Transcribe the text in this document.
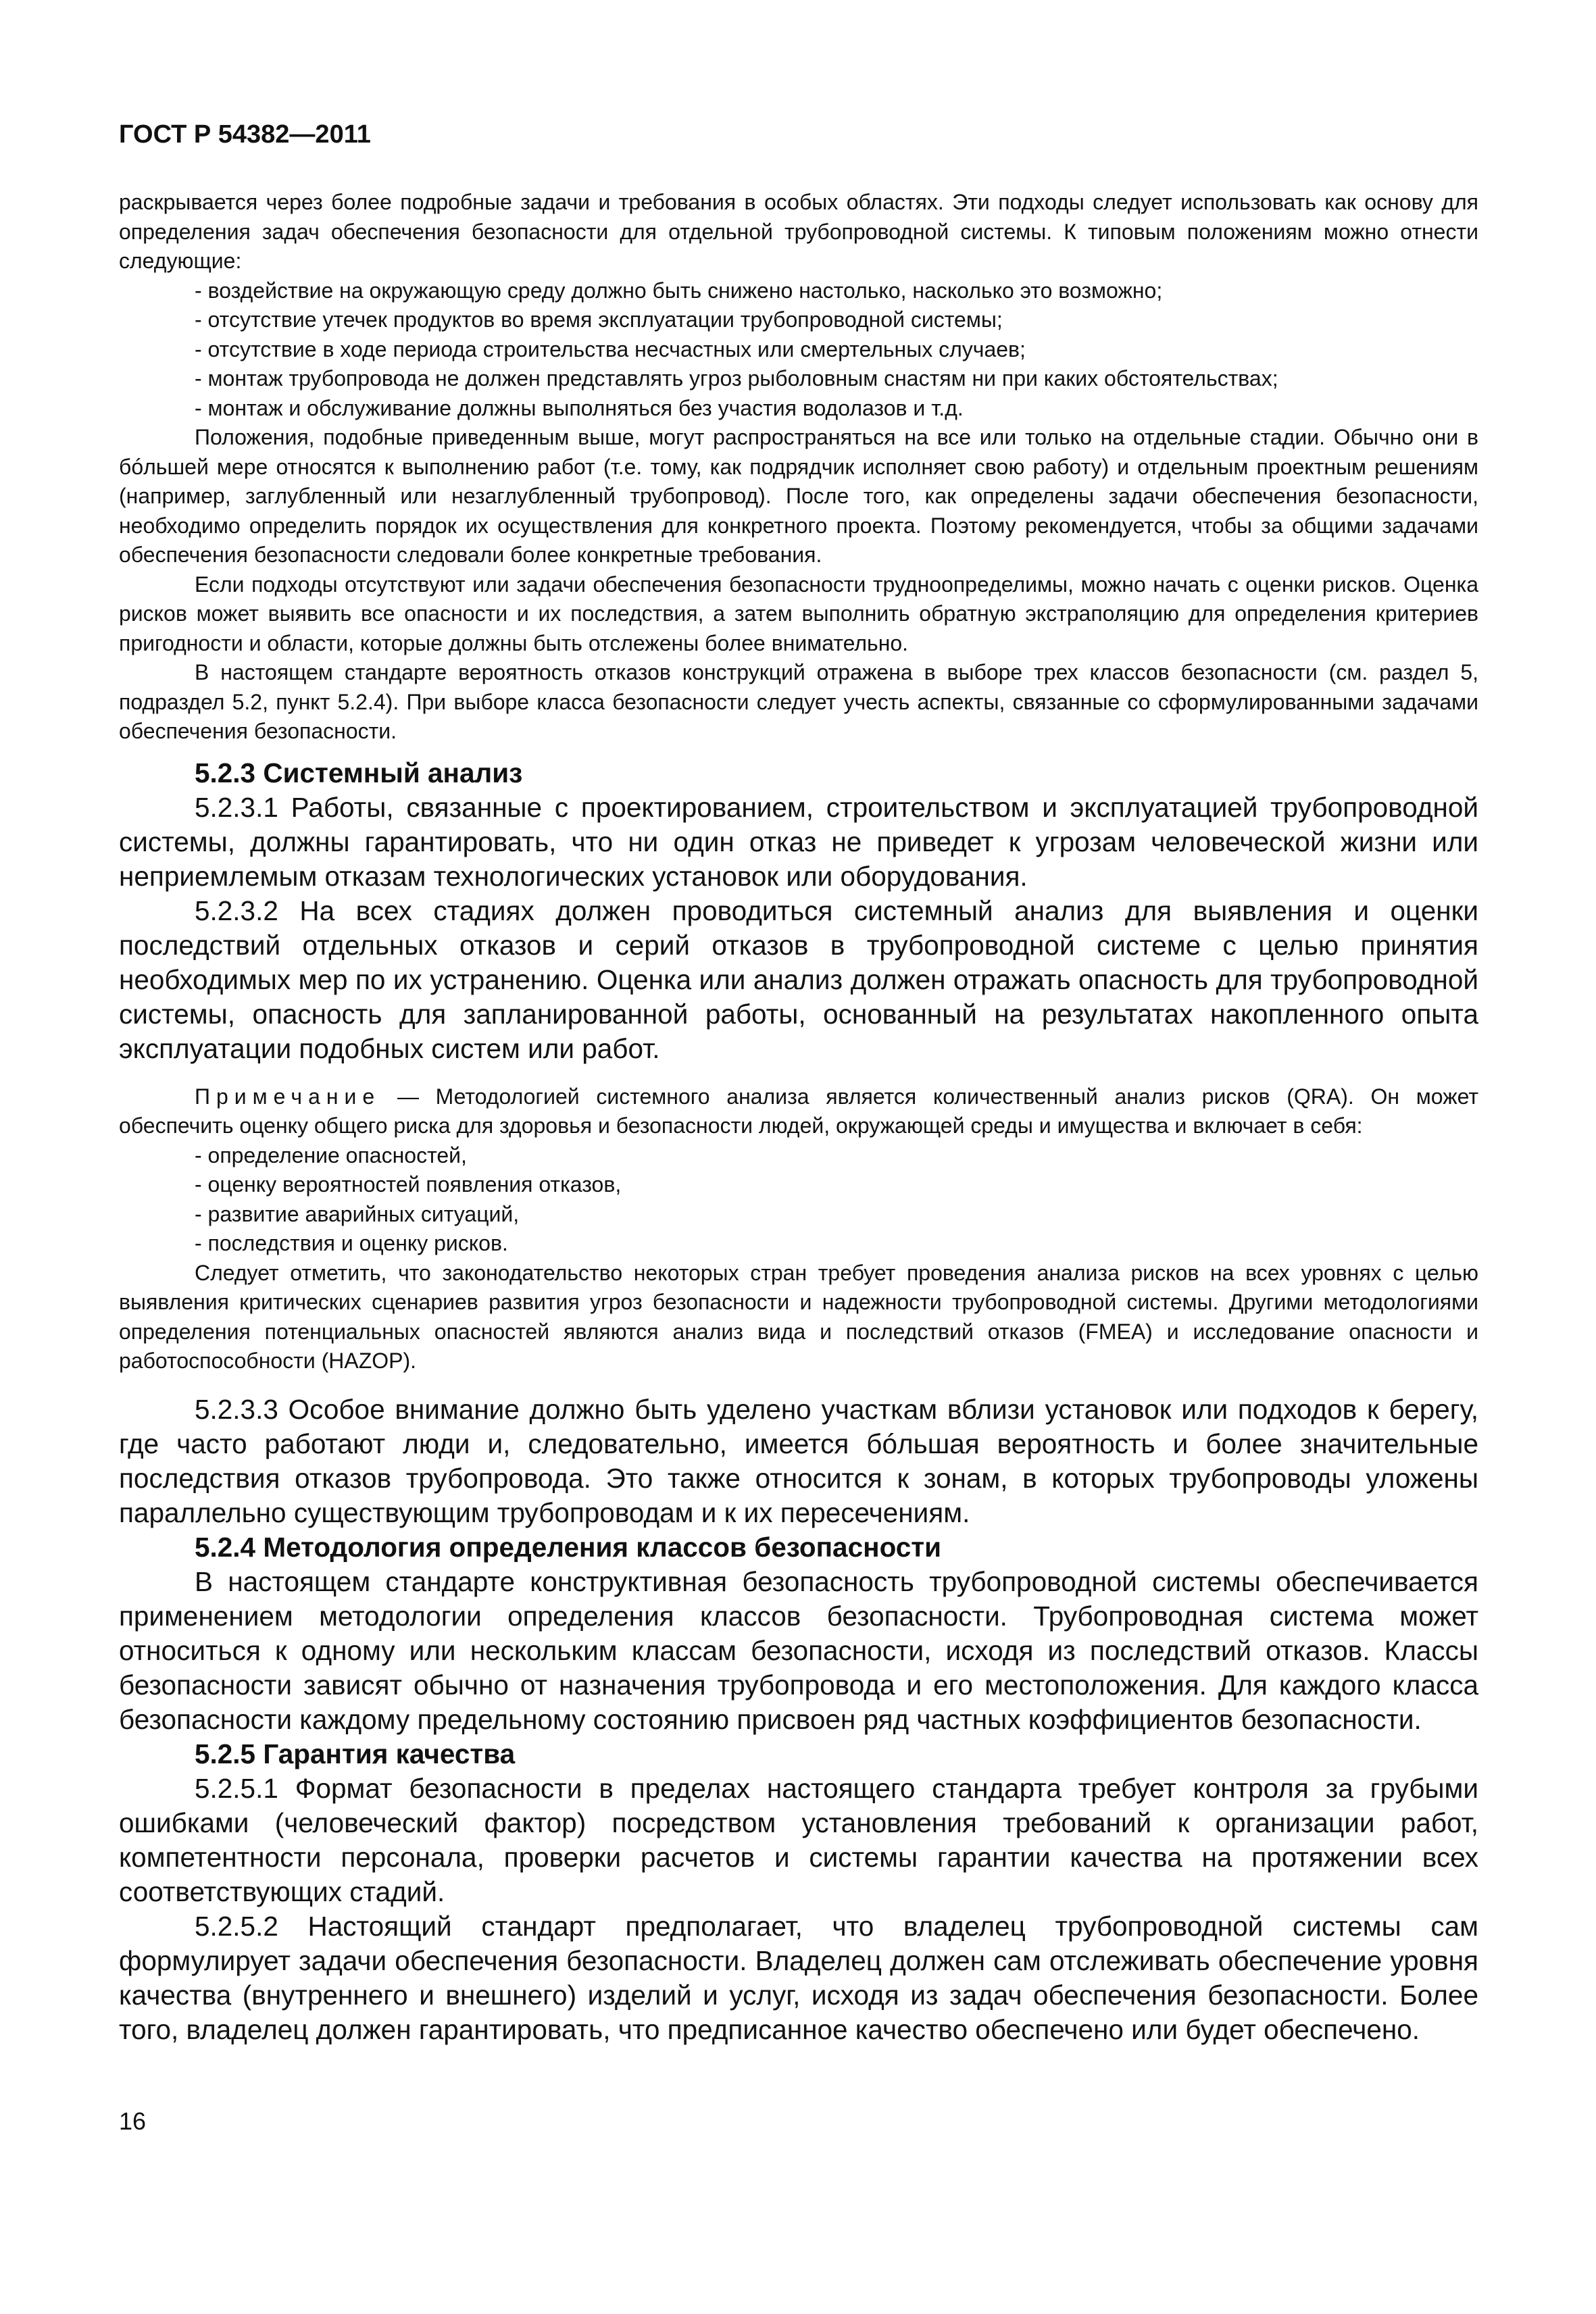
ГОСТ Р 54382—2011

раскрывается через более подробные задачи и требования в особых областях. Эти подходы следует использовать как основу для определения задач обеспечения безопасности для отдельной трубопроводной системы. К типовым положениям можно отнести следующие:

- воздействие на окружающую среду должно быть снижено настолько, насколько это возможно;

- отсутствие утечек продуктов во время эксплуатации трубопроводной системы;

- отсутствие в ходе периода строительства несчастных или смертельных случаев;

- монтаж трубопровода не должен представлять угроз рыболовным снастям ни при каких обстоятельствах;

- монтаж и обслуживание должны выполняться без участия водолазов и т.д.

Положения, подобные приведенным выше, могут распространяться на все или только на отдельные стадии. Обычно они в бóльшей мере относятся к выполнению работ (т.е. тому, как подрядчик исполняет свою работу) и отдельным проектным решениям (например, заглубленный или незаглубленный трубопровод). После того, как определены задачи обеспечения безопасности, необходимо определить порядок их осуществления для конкретного проекта. Поэтому рекомендуется, чтобы за общими задачами обеспечения безопасности следовали более конкретные требования.

Если подходы отсутствуют или задачи обеспечения безопасности трудноопределимы, можно начать с оценки рисков. Оценка рисков может выявить все опасности и их последствия, а затем выполнить обратную экстраполяцию для определения критериев пригодности и области, которые должны быть отслежены более внимательно.

В настоящем стандарте вероятность отказов конструкций отражена в выборе трех классов безопасности (см. раздел 5, подраздел 5.2, пункт 5.2.4). При выборе класса безопасности следует учесть аспекты, связанные со сформулированными задачами обеспечения безопасности.

5.2.3 Системный анализ

5.2.3.1 Работы, связанные с проектированием, строительством и эксплуатацией трубопроводной системы, должны гарантировать, что ни один отказ не приведет к угрозам человеческой жизни или неприемлемым отказам технологических установок или оборудования.

5.2.3.2 На всех стадиях должен проводиться системный анализ для выявления и оценки последствий отдельных отказов и серий отказов в трубопроводной системе с целью принятия необходимых мер по их устранению. Оценка или анализ должен отражать опасность для трубопроводной системы, опасность для запланированной работы, основанный на результатах накопленного опыта эксплуатации подобных систем или работ.

Примечание — Методологией системного анализа является количественный анализ рисков (QRA). Он может обеспечить оценку общего риска для здоровья и безопасности людей, окружающей среды и имущества и включает в себя:

- определение опасностей,

- оценку вероятностей появления отказов,

- развитие аварийных ситуаций,

- последствия и оценку рисков.

Следует отметить, что законодательство некоторых стран требует проведения анализа рисков на всех уровнях с целью выявления критических сценариев развития угроз безопасности и надежности трубопроводной системы. Другими методологиями определения потенциальных опасностей являются анализ вида и последствий отказов (FMEA) и исследование опасности и работоспособности (HAZOP).

5.2.3.3 Особое внимание должно быть уделено участкам вблизи установок или подходов к берегу, где часто работают люди и, следовательно, имеется бóльшая вероятность и более значительные последствия отказов трубопровода. Это также относится к зонам, в которых трубопроводы уложены параллельно существующим трубопроводам и к их пересечениям.

5.2.4 Методология определения классов безопасности

В настоящем стандарте конструктивная безопасность трубопроводной системы обеспечивается применением методологии определения классов безопасности. Трубопроводная система может относиться к одному или нескольким классам безопасности, исходя из последствий отказов. Классы безопасности зависят обычно от назначения трубопровода и его местоположения. Для каждого класса безопасности каждому предельному состоянию присвоен ряд частных коэффициентов безопасности.

5.2.5 Гарантия качества

5.2.5.1 Формат безопасности в пределах настоящего стандарта требует контроля за грубыми ошибками (человеческий фактор) посредством установления требований к организации работ, компетентности персонала, проверки расчетов и системы гарантии качества на протяжении всех соответствующих стадий.

5.2.5.2 Настоящий стандарт предполагает, что владелец трубопроводной системы сам формулирует задачи обеспечения безопасности. Владелец должен сам отслеживать обеспечение уровня качества (внутреннего и внешнего) изделий и услуг, исходя из задач обеспечения безопасности. Более того, владелец должен гарантировать, что предписанное качество обеспечено или будет обеспечено.

16
